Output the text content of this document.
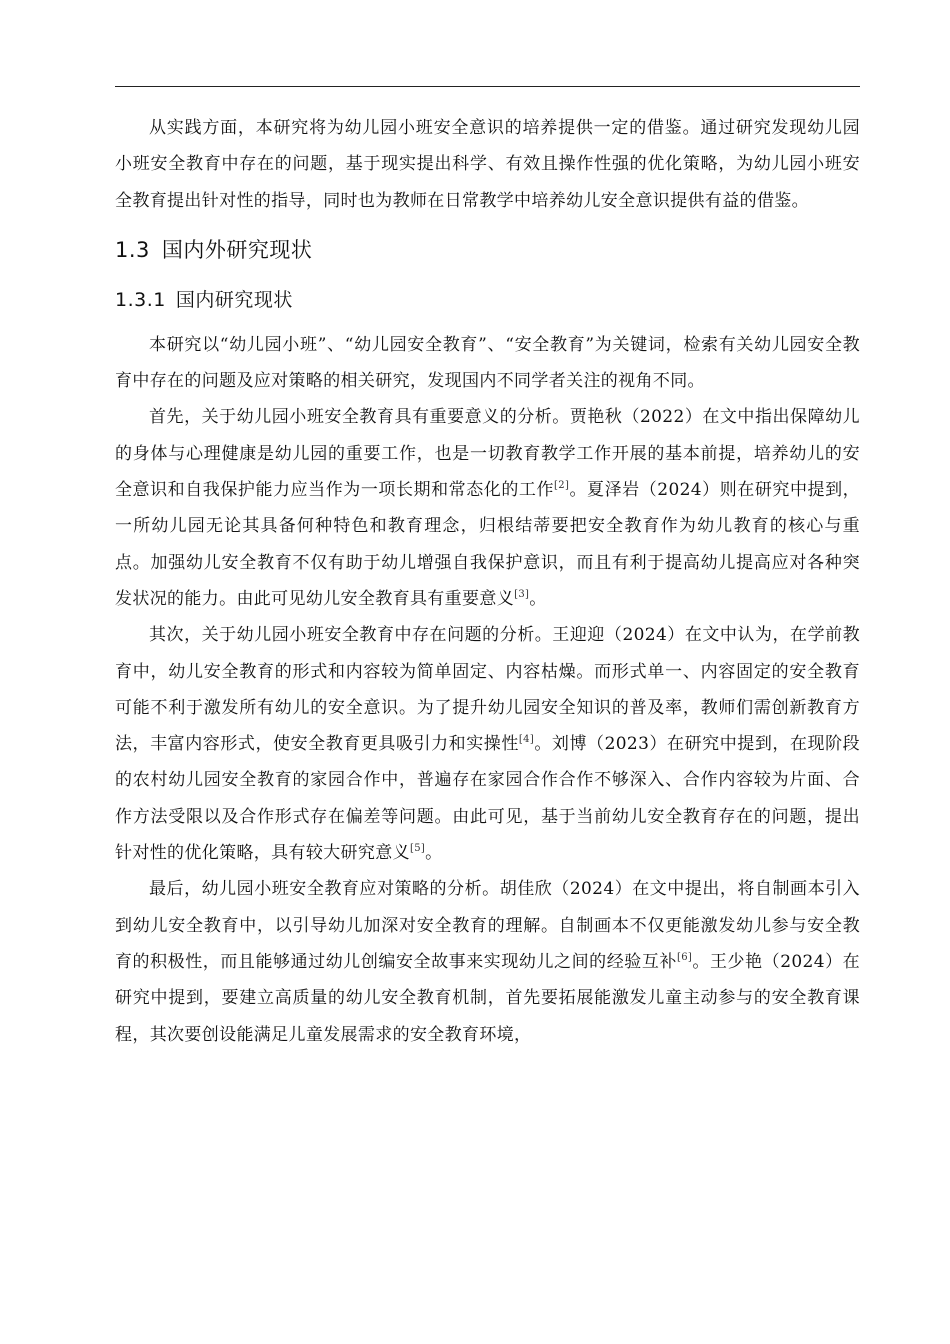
从实践方面，本研究将为幼儿园小班安全意识的培养提供一定的借鉴。通过研究发现幼儿园小班安全教育中存在的问题，基于现实提出科学、有效且操作性强的优化策略，为幼儿园小班安全教育提出针对性的指导，同时也为教师在日常教学中培养幼儿安全意识提供有益的借鉴。

1.3 国内外研究现状
1.3.1 国内研究现状

本研究以“幼儿园小班”、“幼儿园安全教育”、“安全教育”为关键词，检索有关幼儿园安全教育中存在的问题及应对策略的相关研究，发现国内不同学者关注的视角不同。

首先，关于幼儿园小班安全教育具有重要意义的分析。贾艳秋（2022）在文中指出保障幼儿的身体与心理健康是幼儿园的重要工作，也是一切教育教学工作开展的基本前提，培养幼儿的安全意识和自我保护能力应当作为一项长期和常态化的工作[2]。夏泽岩（2024）则在研究中提到，一所幼儿园无论其具备何种特色和教育理念，归根结蒂要把安全教育作为幼儿教育的核心与重点。加强幼儿安全教育不仅有助于幼儿增强自我保护意识，而且有利于提高幼儿提高应对各种突发状况的能力。由此可见幼儿安全教育具有重要意义[3]。

其次，关于幼儿园小班安全教育中存在问题的分析。王迎迎（2024）在文中认为，在学前教育中，幼儿安全教育的形式和内容较为简单固定、内容枯燥。而形式单一、内容固定的安全教育可能不利于激发所有幼儿的安全意识。为了提升幼儿园安全知识的普及率，教师们需创新教育方法，丰富内容形式，使安全教育更具吸引力和实操性[4]。刘博（2023）在研究中提到，在现阶段的农村幼儿园安全教育的家园合作中，普遍存在家园合作合作不够深入、合作内容较为片面、合作方法受限以及合作形式存在偏差等问题。由此可见，基于当前幼儿安全教育存在的问题，提出针对性的优化策略，具有较大研究意义[5]。

最后，幼儿园小班安全教育应对策略的分析。胡佳欣（2024）在文中提出，将自制画本引入到幼儿安全教育中，以引导幼儿加深对安全教育的理解。自制画本不仅更能激发幼儿参与安全教育的积极性，而且能够通过幼儿创编安全故事来实现幼儿之间的经验互补[6]。王少艳（2024）在研究中提到，要建立高质量的幼儿安全教育机制，首先要拓展能激发儿童主动参与的安全教育课程，其次要创设能满足儿童发展需求的安全教育环境，
